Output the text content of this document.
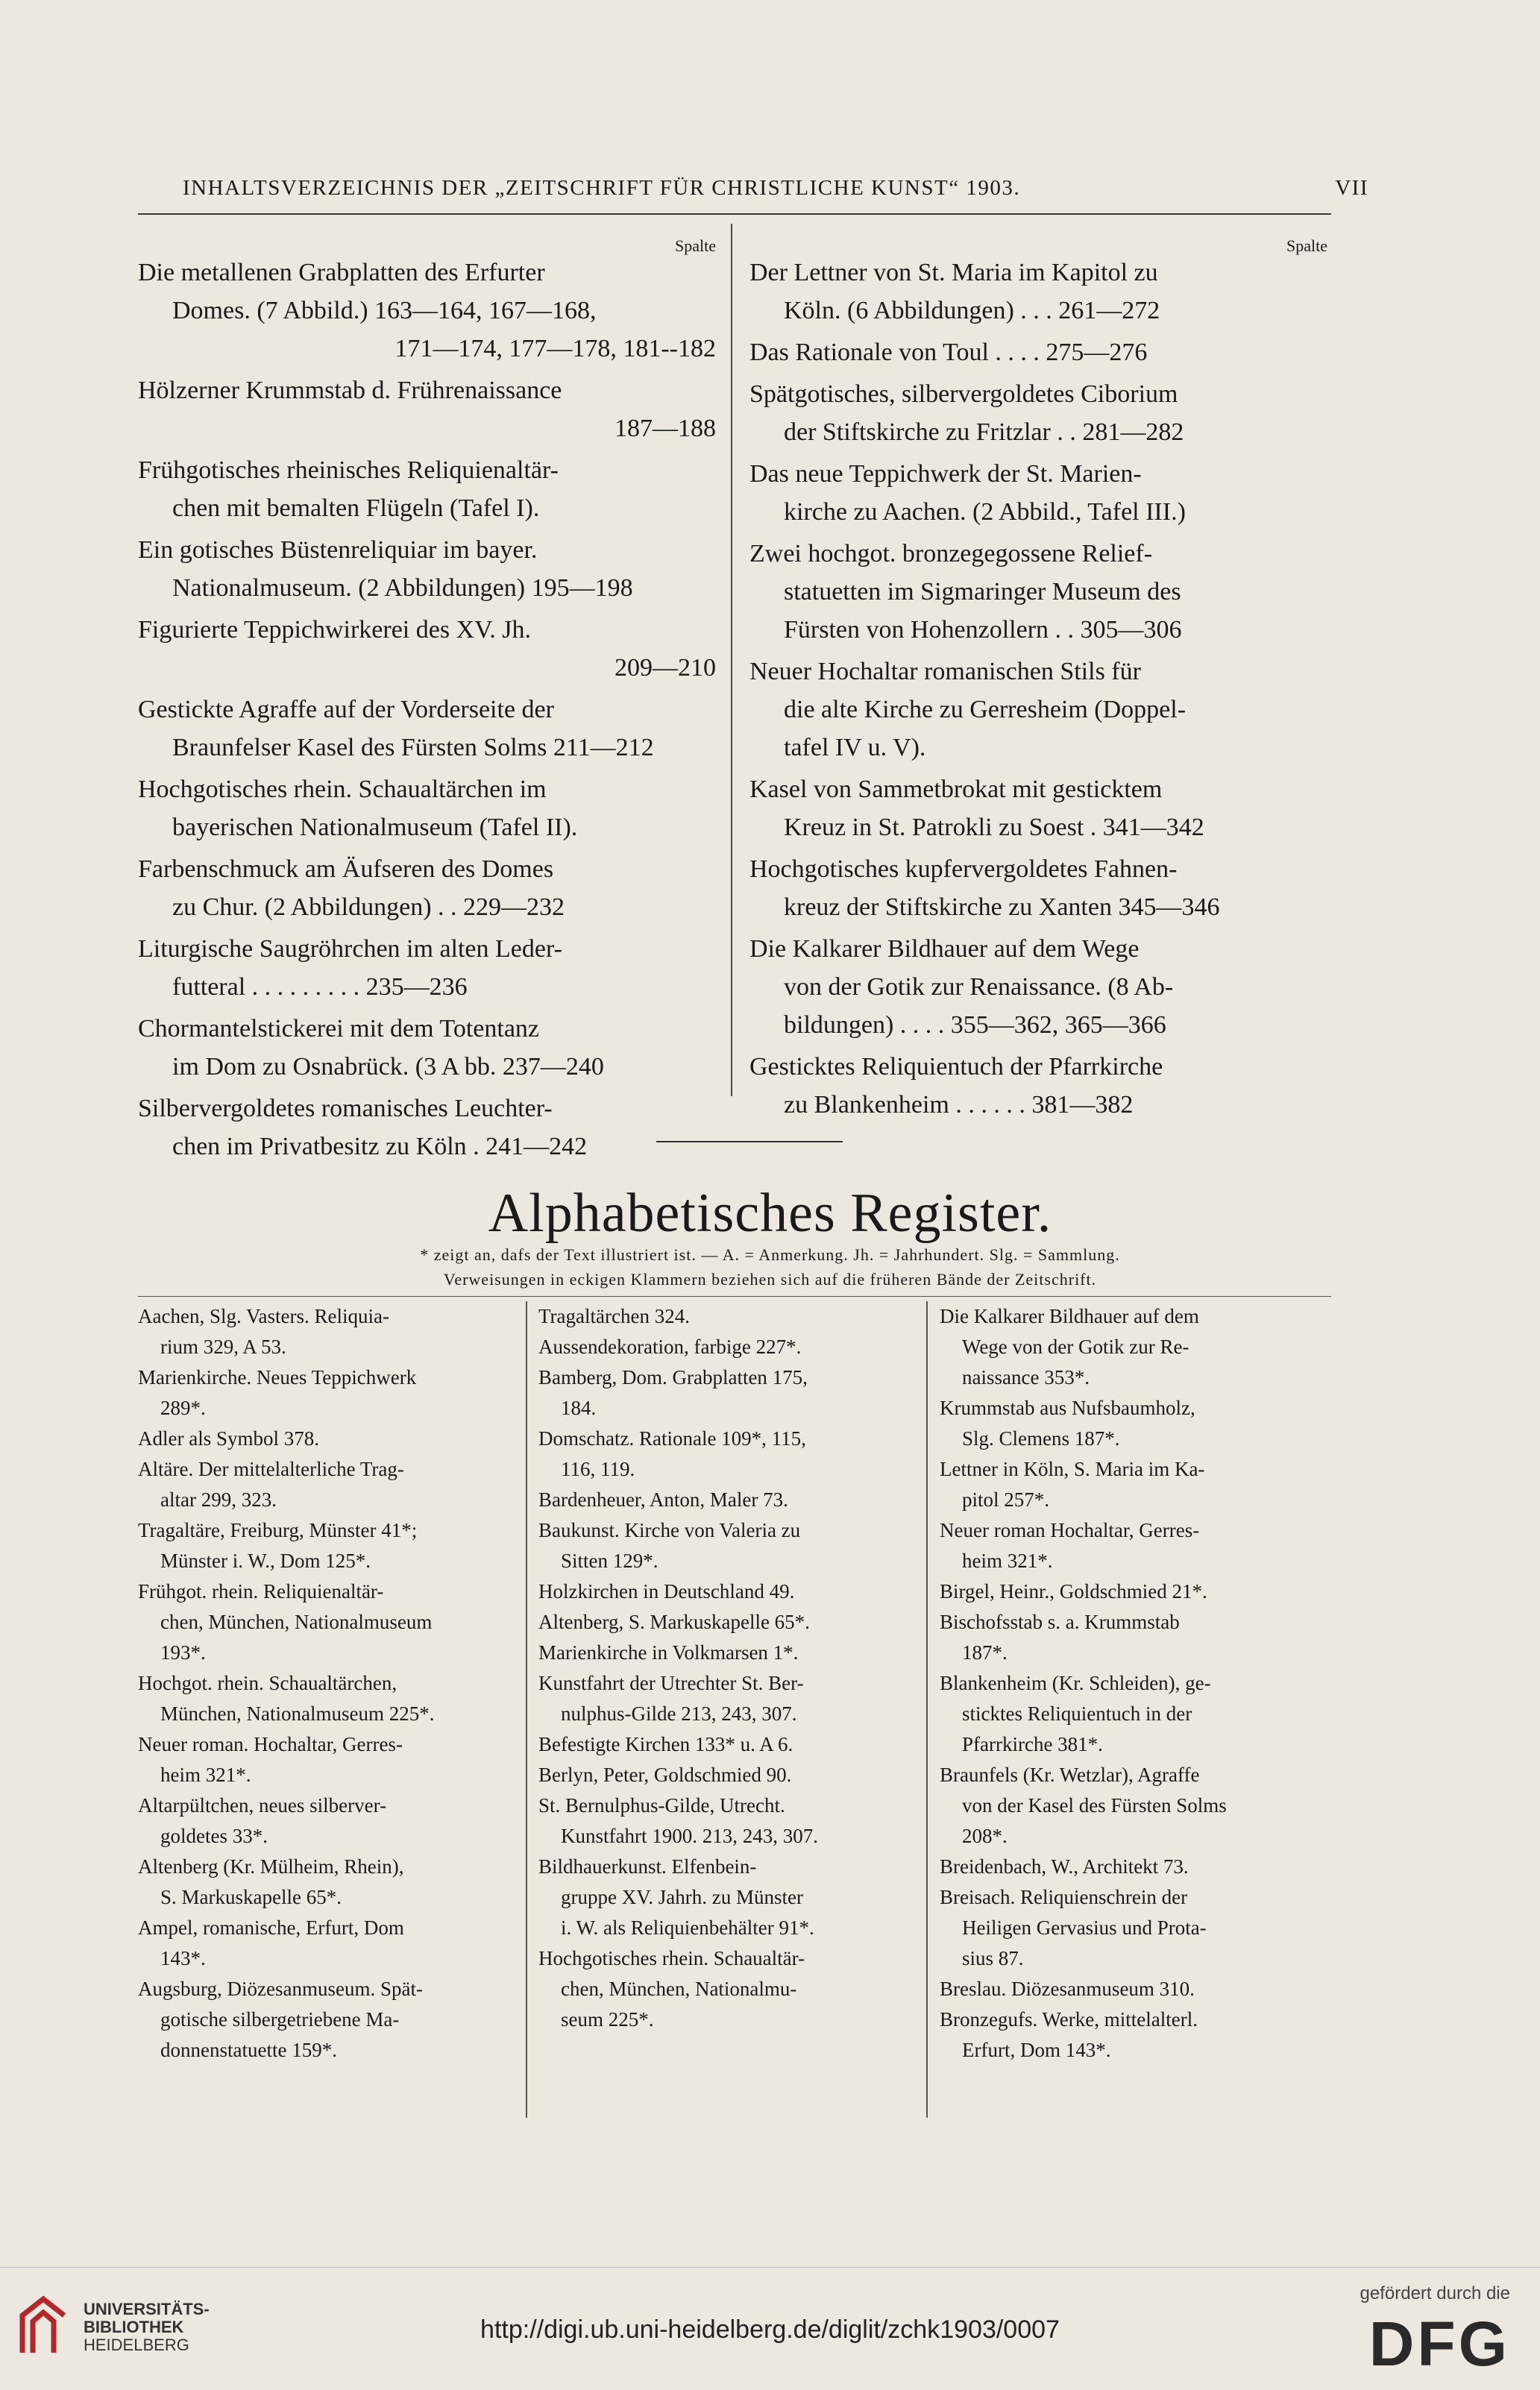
INHALTSVERZEICHNIS DER „ZEITSCHRIFT FÜR CHRISTLICHE KUNST“ 1903.	VII
Spalte
Die metallenen Grabplatten des Erfurter
Domes. (7 Abbild.) 163—164, 167—168,
171—174, 177—178, 181--182
Hölzerner Krummstab d. Frührenaissance
187—188
Frühgotisches rheinisches Reliquienaltär-
chen mit bemalten Flügeln (Tafel I).
Ein gotisches Büstenreliquiar im bayer.
Nationalmuseum. (2 Abbildungen) 195—198
Figurierte Teppichwirkerei des XV. Jh.
209—210
Gestickte Agraffe auf der Vorderseite der
Braunfelser Kasel des Fürsten Solms 211—212
Hochgotisches rhein. Schaualtärchen im
bayerischen Nationalmuseum (Tafel II).
Farbenschmuck am Äufseren des Domes
zu Chur. (2 Abbildungen) . . 229—232
Liturgische Saugröhrchen im alten Leder-
futteral . . . . . . . . . 235—236
Chormantelstickerei mit dem Totentanz
im Dom zu Osnabrück. (3 A bb. 237—240
Silbervergoldetes romanisches Leuchter-
chen im Privatbesitz zu Köln . 241—242
Spalte
Der Lettner von St. Maria im Kapitol zu
Köln. (6 Abbildungen) . . . 261—272
Das Rationale von Toul . . . . 275—276
Spätgotisches, silbervergoldetes Ciborium
der Stiftskirche zu Fritzlar . . 281—282
Das neue Teppichwerk der St. Marien-
kirche zu Aachen. (2 Abbild., Tafel III.)
Zwei hochgot. bronzegegossene Relief-
statuetten im Sigmaringer Museum des
Fürsten von Hohenzollern . . 305—306
Neuer Hochaltar romanischen Stils für
die alte Kirche zu Gerresheim (Doppel-
tafel IV u. V).
Kasel von Sammetbrokat mit gesticktem
Kreuz in St. Patrokli zu Soest . 341—342
Hochgotisches kupfervergoldetes Fahnen-
kreuz der Stiftskirche zu Xanten 345—346
Die Kalkarer Bildhauer auf dem Wege
von der Gotik zur Renaissance. (8 Ab-
bildungen) . . . . 355—362, 365—366
Gesticktes Reliquientuch der Pfarrkirche
zu Blankenheim . . . . . . 381—382
Alphabetisches Register.
* zeigt an, dafs der Text illustriert ist. — A. = Anmerkung. Jh. = Jahrhundert. Slg. = Sammlung.
Verweisungen in eckigen Klammern beziehen sich auf die früheren Bände der Zeitschrift.
Aachen, Slg. Vasters. Reliquia-
rium 329, A 53.
Marienkirche. Neues Teppichwerk
289*.
Adler als Symbol 378.
Altäre. Der mittelalterliche Trag-
altar 299, 323.
Tragaltäre, Freiburg, Münster 41*;
Münster i. W., Dom 125*.
Frühgot. rhein. Reliquienaltär-
chen, München, Nationalmuseum
193*.
Hochgot. rhein. Schaualtärchen,
München, Nationalmuseum 225*.
Neuer roman. Hochaltar, Gerres-
heim 321*.
Altarpültchen, neues silberver-
goldetes 33*.
Altenberg (Kr. Mülheim, Rhein),
S. Markuskapelle 65*.
Ampel, romanische, Erfurt, Dom
143*.
Augsburg, Diözesanmuseum. Spät-
gotische silbergetriebene Ma-
donnenstatuette 159*.
Tragaltärchen 324.
Aussendekoration, farbige 227*.
Bamberg, Dom. Grabplatten 175,
184.
Domschatz. Rationale 109*, 115,
116, 119.
Bardenheuer, Anton, Maler 73.
Baukunst. Kirche von Valeria zu
Sitten 129*.
Holzkirchen in Deutschland 49.
Altenberg, S. Markuskapelle 65*.
Marienkirche in Volkmarsen 1*.
Kunstfahrt der Utrechter St. Ber-
nulphus-Gilde 213, 243, 307.
Befestigte Kirchen 133* u. A 6.
Berlyn, Peter, Goldschmied 90.
St. Bernulphus-Gilde, Utrecht.
Kunstfahrt 1900. 213, 243, 307.
Bildhauerkunst. Elfenbein-
gruppe XV. Jahrh. zu Münster
i. W. als Reliquienbehälter 91*.
Hochgotisches rhein. Schaualtär-
chen, München, Nationalmu-
seum 225*.
Die Kalkarer Bildhauer auf dem
Wege von der Gotik zur Re-
naissance 353*.
Krummstab aus Nufsbaumholz,
Slg. Clemens 187*.
Lettner in Köln, S. Maria im Ka-
pitol 257*.
Neuer roman Hochaltar, Gerres-
heim 321*.
Birgel, Heinr., Goldschmied 21*.
Bischofsstab s. a. Krummstab
187*.
Blankenheim (Kr. Schleiden), ge-
sticktes Reliquientuch in der
Pfarrkirche 381*.
Braunfels (Kr. Wetzlar), Agraffe
von der Kasel des Fürsten Solms
208*.
Breidenbach, W., Architekt 73.
Breisach. Reliquienschrein der
Heiligen Gervasius und Prota-
sius 87.
Breslau. Diözesanmuseum 310.
Bronzegufs. Werke, mittelalterl.
Erfurt, Dom 143*.
UNIVERSITÄTS-
BIBLIOTHEK
HEIDELBERG
http://digi.ub.uni-heidelberg.de/diglit/zchk1903/0007
gefördert durch die
DFG
